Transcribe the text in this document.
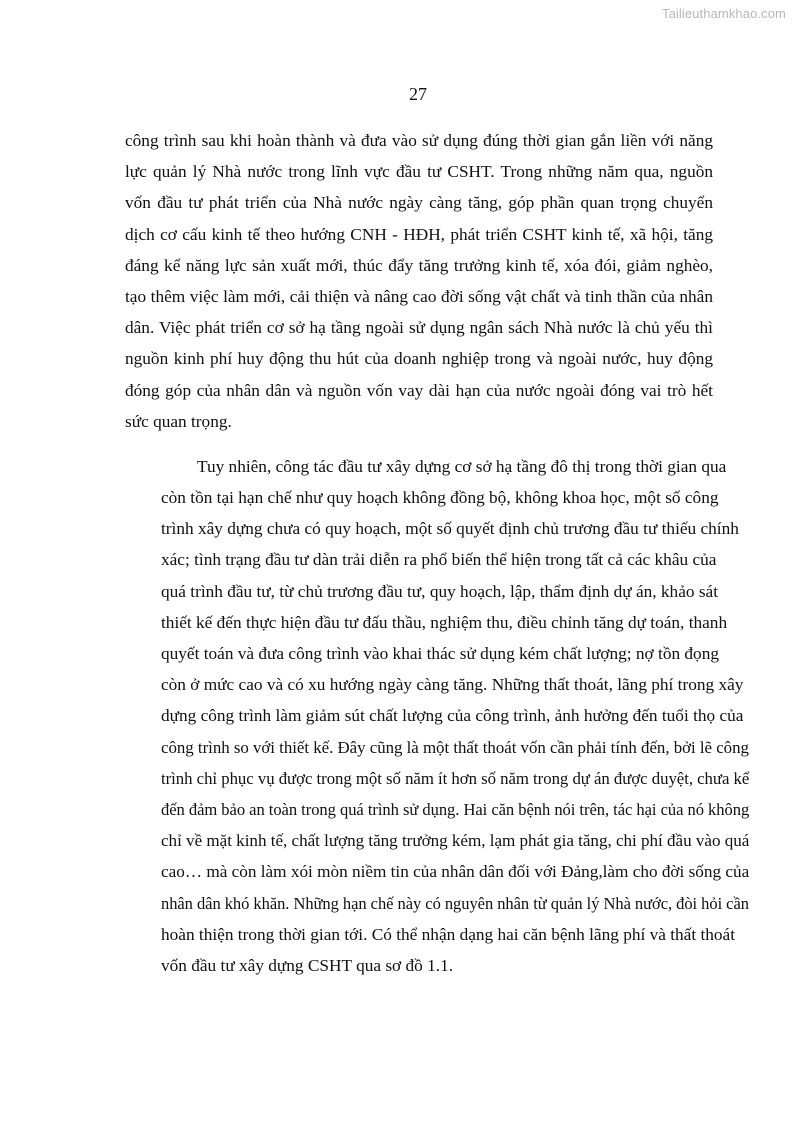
Tailieuthamkhao.com
27
công trình sau khi hoàn thành và đưa vào sử dụng đúng thời gian gắn liền với năng
lực quản lý Nhà nước trong lĩnh vực đầu tư CSHT. Trong những năm qua, nguồn
vốn đầu tư phát triển của Nhà nước ngày càng tăng, góp phần quan trọng chuyển
dịch cơ cấu kinh tế theo hướng CNH - HĐH, phát triển CSHT kinh tế, xã hội, tăng
đáng kể năng lực sản xuất mới, thúc đẩy tăng trưởng kinh tế, xóa đói, giảm nghèo,
tạo thêm việc làm mới, cải thiện và nâng cao đời sống vật chất và tinh thần của nhân
dân. Việc phát triển cơ sở hạ tầng ngoài sử dụng ngân sách Nhà nước là chủ yếu thì
nguồn kinh phí huy động thu hút của doanh nghiệp trong và ngoài nước, huy động
đóng góp của nhân dân và nguồn vốn vay dài hạn của nước ngoài đóng vai trò hết
sức quan trọng.
Tuy nhiên, công tác đầu tư xây dựng cơ sở hạ tầng đô thị trong thời gian qua
còn tồn tại hạn chế như quy hoạch không đồng bộ, không khoa học, một số công
trình xây dựng chưa có quy hoạch, một số quyết định chủ trương đầu tư thiếu chính
xác; tình trạng đầu tư dàn trải diễn ra phổ biến thể hiện trong tất cả các khâu của
quá trình đầu tư, từ chủ trương đầu tư, quy hoạch, lập, thẩm định dự án, khảo sát
thiết kế đến thực hiện đầu tư đấu thầu, nghiệm thu, điều chỉnh tăng dự toán, thanh
quyết toán và đưa công trình vào khai thác sử dụng kém chất lượng; nợ tồn đọng
còn ở mức cao và có xu hướng ngày càng tăng. Những thất thoát, lãng phí trong xây
dựng công trình làm giảm sút chất lượng của công trình, ảnh hưởng đến tuổi thọ của
công trình so với thiết kế. Đây cũng là một thất thoát vốn cần phải tính đến, bởi lẽ công
trình chỉ phục vụ được trong một số năm ít hơn số năm trong dự án được duyệt, chưa kể
đến đảm bảo an toàn trong quá trình sử dụng. Hai căn bệnh nói trên, tác hại của nó không
chỉ về mặt kinh tế, chất lượng tăng trưởng kém, lạm phát gia tăng, chi phí đầu vào quá
cao… mà còn làm xói mòn niềm tin của nhân dân đối với Đảng,làm cho đời sống của
nhân dân khó khăn. Những hạn chế này có nguyên nhân từ quản lý Nhà nước, đòi hỏi cần
hoàn thiện trong thời gian tới. Có thể nhận dạng hai căn bệnh lãng phí và thất thoát
vốn đầu tư xây dựng CSHT qua sơ đồ 1.1.
